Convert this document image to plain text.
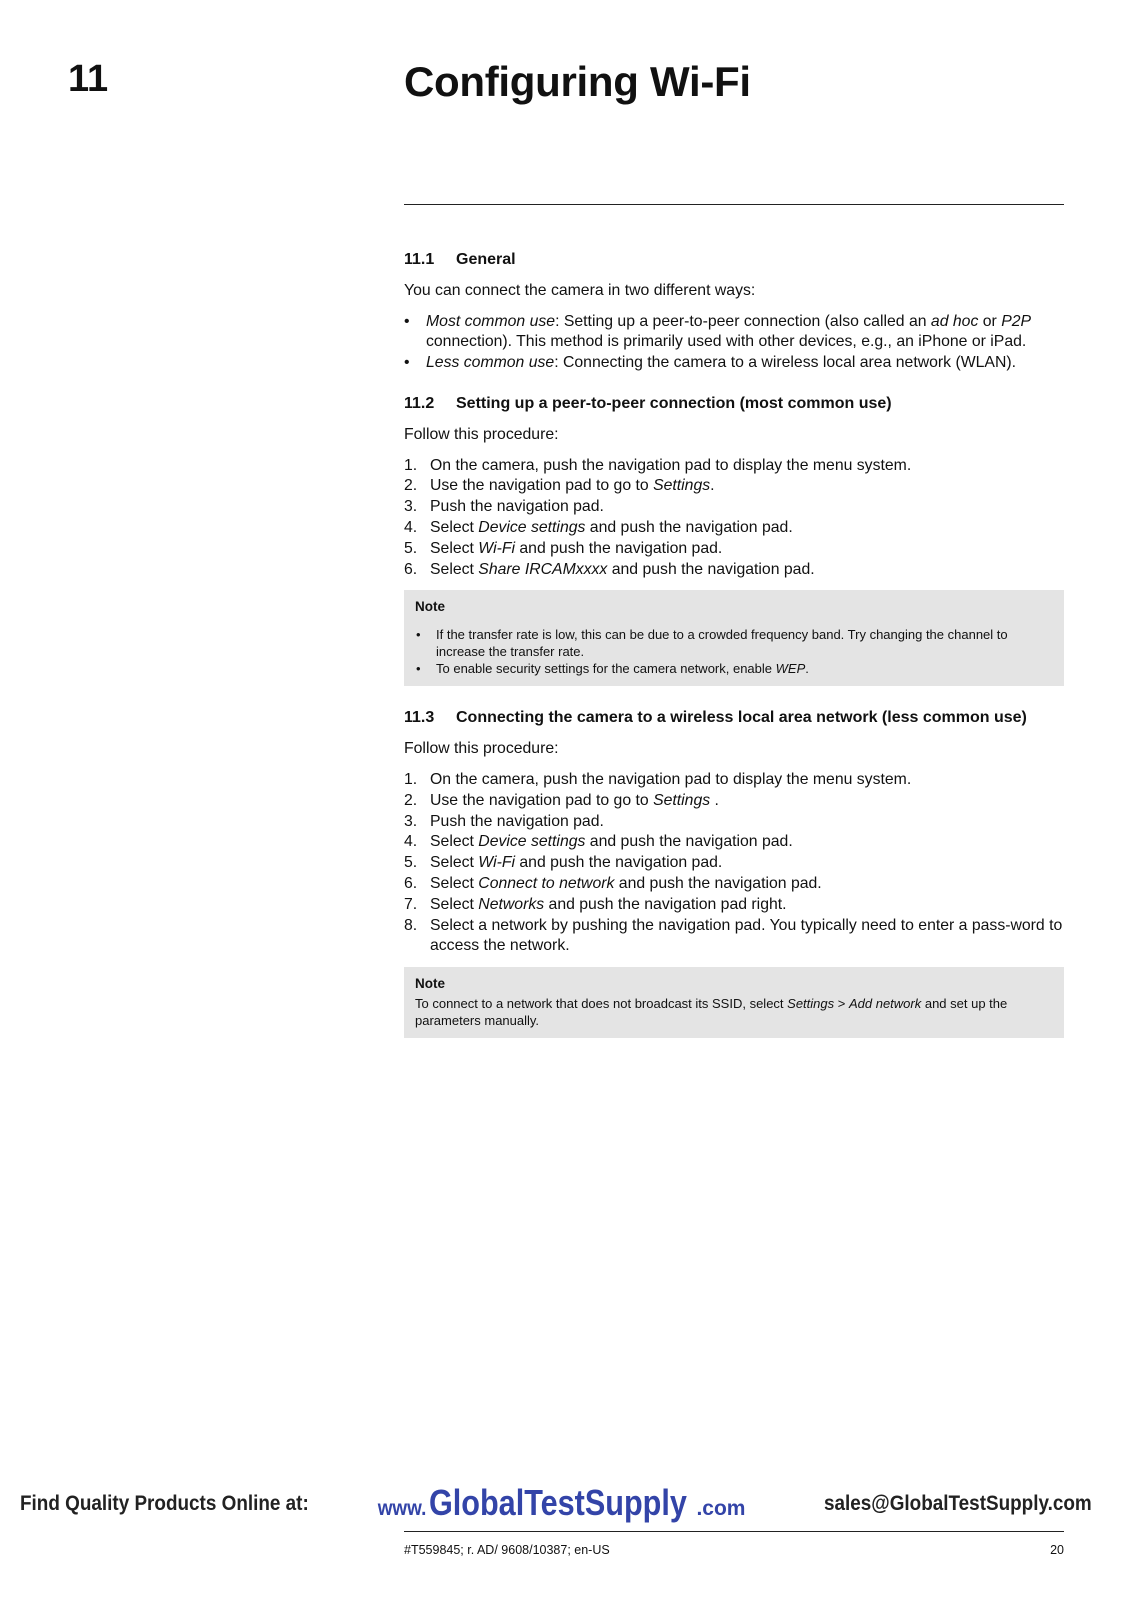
11	Configuring Wi-Fi
11.1 General

You can connect the camera in two different ways:

• Most common use: Setting up a peer-to-peer connection (also called an ad hoc or P2P connection). This method is primarily used with other devices, e.g., an iPhone or iPad.
• Less common use: Connecting the camera to a wireless local area network (WLAN).
11.2 Setting up a peer-to-peer connection (most common use)

Follow this procedure:

1. On the camera, push the navigation pad to display the menu system.
2. Use the navigation pad to go to Settings.
3. Push the navigation pad.
4. Select Device settings and push the navigation pad.
5. Select Wi-Fi and push the navigation pad.
6. Select Share IRCAMxxxx and push the navigation pad.
Note
• If the transfer rate is low, this can be due to a crowded frequency band. Try changing the channel to increase the transfer rate.
• To enable security settings for the camera network, enable WEP.
11.3 Connecting the camera to a wireless local area network (less common use)

Follow this procedure:

1. On the camera, push the navigation pad to display the menu system.
2. Use the navigation pad to go to Settings .
3. Push the navigation pad.
4. Select Device settings and push the navigation pad.
5. Select Wi-Fi and push the navigation pad.
6. Select Connect to network and push the navigation pad.
7. Select Networks and push the navigation pad right.
8. Select a network by pushing the navigation pad. You typically need to enter a pass-word to access the network.
Note
To connect to a network that does not broadcast its SSID, select Settings > Add network and set up the parameters manually.
Find Quality Products Online at:	www.GlobalTestSupply .com	sales@GlobalTestSupply.com
#T559845; r. AD/ 9608/10387; en-US	20
